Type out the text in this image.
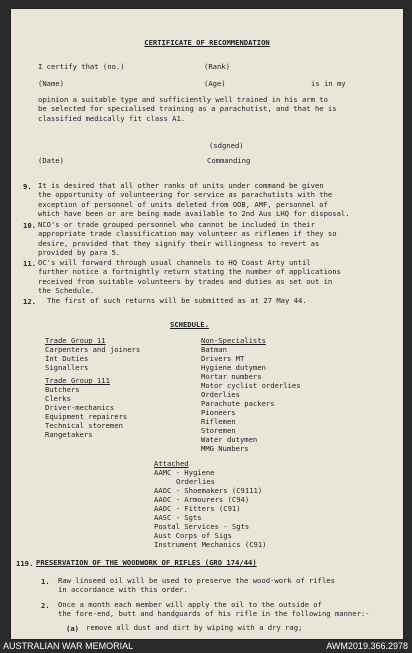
CERTIFICATE OF RECOMMENDATION
I certify that (no.)	(Rank)
(Name)	(Age)	is in my
opinion a suitable type and sufficiently well trained in his arm to
be selected for specialised training as a parachutist, and that he is
classified medically fit class A1.
(sdgned)
(Date)	Commanding
9. It is desired that all other ranks of units under command be given
the opportunity of volunteering for service as parachutists with the
exception of personnel of units deleted from OOB, AMF, personnel of
which have been or are being made available to 2nd Aus LHQ for disposal.
10. NCO's or trade grouped personnel who cannot be included in their
appropriate trade classification may volunteer as riflemen if they so
desire, provided that they signify their willingness to revert as
provided by para 5.
11. OC's will forward through usual channels to HQ Coast Arty until
further notice a fortnightly return stating the number of applications
received from suitable volunteers by trades and duties as set out in
the Schedule.
12. The first of such returns will be submitted as at 27 May 44.
SCHEDULE.
Trade Group 11
Carpenters and joiners
Int Duties
Signallers
Trade Group 111
Butchers
Clerks
Driver-mechanics
Equipment repairers
Technical storemen
Rangetakers
Non-Specialists
Batman
Drivers MT
Hygiene dutymen
Mortar numbers
Motor cyclist orderlies
Orderlies
Parachute packers
Pioneers
Riflemen
Storemen
Water dutymen
MMG Numbers
Attached
AAMC - Hygiene
Orderlies
AAOC - Shoemakers (C9111)
AAOC - Armourers (C94)
AAOC - Fitters (C91)
AASC - Sgts
Postal Services - Sgts
Aust Corps of Sigs
Instrument Mechanics (C91)
119. PRESERVATION OF THE WOODWORK OF RIFLES (GRO 174/44)
1. Raw linseed oil will be used to preserve the wood-work of rifles
in accordance with this order.
2. Once a month each member will apply the oil to the outside of
the fore-end, butt and handguards of his rifle in the following manner:-
(a) remove all dust and dirt by wiping with a dry rag;
AUSTRALIAN WAR MEMORIAL	AWM2019.366.2978
